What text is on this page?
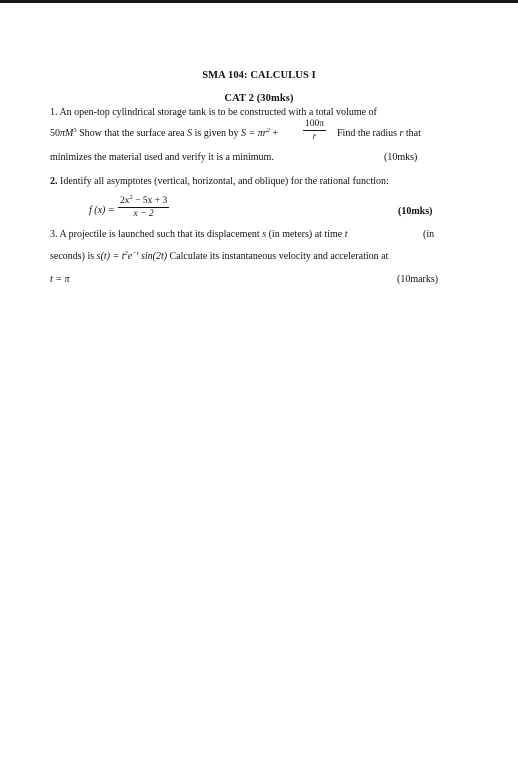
SMA 104: CALCULUS I
CAT 2 (30mks)
1. An open-top cylindrical storage tank is to be constructed with a total volume of
$50\pi M^3$ Show that the surface area S is given by $S = \pi r^2$ +	$\frac{100\pi}{r}$ Find the radius r that
minimizes the material used and verify it is a minimum.	(10mks)
2. Identify all asymptotes (vertical, horizontal, and oblique) for the rational function:
f $(x) = \frac{2x^2 - 5x + 3}{x - 2}$	(10mks)
3. A projectile is launched such that its displacement s (in meters) at time t	(in
seconds) is $s(t) = t^2e^{-t}$ sin(2t) Calculate its instantaneous velocity and acceleration at
t = π	(10marks)
